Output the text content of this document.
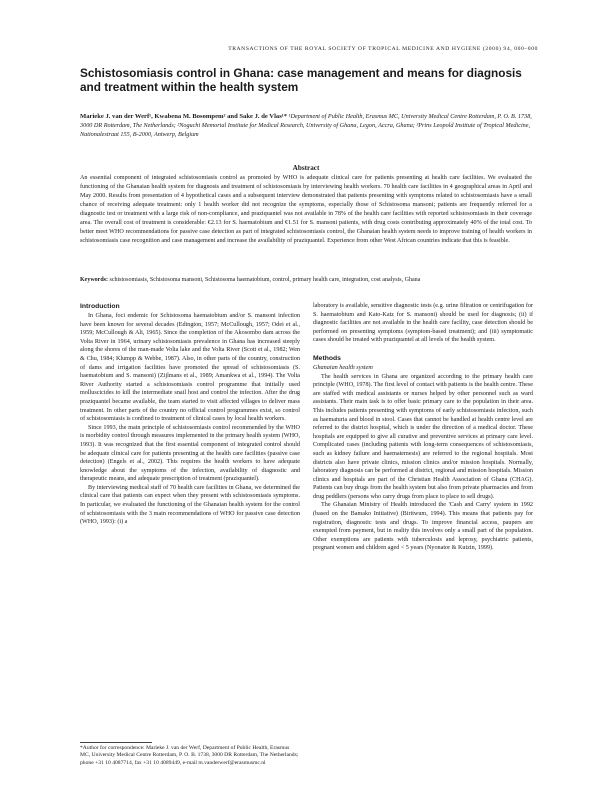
TRANSACTIONS OF THE ROYAL SOCIETY OF TROPICAL MEDICINE AND HYGIENE (2000) 94, 000–000
Schistosomiasis control in Ghana: case management and means for diagnosis and treatment within the health system

Marieke J. van der Werf¹, Kwabena M. Bosompem² and Sake J. de Vlas¹* ¹Department of Public Health, Erasmus MC, University Medical Centre Rotterdam, P. O. B. 1738, 3000 DR Rotterdam, The Netherlands; ²Noguchi Memorial Institute for Medical Research, University of Ghana, Legon, Accra, Ghana; ³Prins Leopold Institute of Tropical Medicine, Nationalestraat 155, B-2000, Antwerp, Belgium

Abstract

An essential component of integrated schistosomiasis control as promoted by WHO is adequate clinical care for patients presenting at health care facilities. We evaluated the functioning of the Ghanaian health system for diagnosis and treatment of schistosomiasis by interviewing health workers. 70 health care facilities in 4 geographical areas in April and May 2000. Results from presentation of 4 hypothetical cases and a subsequent interview demonstrated that patients presenting with symptoms related to schistosomiasis have a small chance of receiving adequate treatment: only 1 health worker did not recognize the symptoms, especially those of Schistosoma mansoni; patients are frequently referred for a diagnostic test or treatment with a large risk of non-compliance, and praziquantel was not available in 78% of the health care facilities with reported schistosomiasis in their coverage area. The overall cost of treatment is considerable: €2.13 for S. haematobium and €1.51 for S. mansoni patients, with drug costs contributing approximately 40% of the total cost. To better meet WHO recommendations for passive case detection as part of integrated schistosomiasis control, the Ghanaian health system needs to improve training of health workers in schistosomiasis case recognition and case management and increase the availability of praziquantel. Experience from other West African countries indicate that this is feasible.

Keywords: schistosomiasis, Schistosoma mansoni, Schistosoma haematobium, control, primary health care, integration, cost analysis, Ghana

Introduction

In Ghana, foci endemic for Schistosoma haematobium and/or S. mansoni infection have been known for several decades (Edington, 1957; McCullough, 1957; Odei et al., 1959; McCullough & Ali, 1965). Since the completion of the Akosombo dam across the Volta River in 1964, urinary schistosomiasis prevalence in Ghana has increased steeply along the shores of the man-made Volta lake and the Volta River (Scott et al., 1982; Wen & Chu, 1984; Klumpp & Webbe, 1987). Also, in other parts of the country, construction of dams and irrigation facilities have promoted the spread of schistosomiasis (S. haematobium and S. mansoni) (Zijlmans et al., 1989; Amankwa et al., 1994). The Volta River Authority started a schistosomiasis control programme that initially used molluscicides to kill the intermediate snail host and control the infection. After the drug praziquantel became available, the team started to visit affected villages to deliver mass treatment. In other parts of the country no official control programmes exist, so control of schistosomiasis is confined to treatment of clinical cases by local health workers.

Since 1993, the main principle of schistosomiasis control recommended by the WHO is morbidity control through measures implemented in the primary health system (WHO, 1993). It was recognized that the first essential component of integrated control should be adequate clinical care for patients presenting at the health care facilities (passive case detection) (Engels et al., 2002). This requires the health workers to have adequate knowledge about the symptoms of the infection, availability of diagnostic and therapeutic means, and adequate prescription of treatment (praziquantel).

By interviewing medical staff of 70 health care facilities in Ghana, we determined the clinical care that patients can expect when they present with schistosomiasis symptoms. In particular, we evaluated the functioning of the Ghanaian health system for the control of schistosomiasis with the 3 main recommendations of WHO for passive case detection (WHO, 1993): (i) a

laboratory is available, sensitive diagnostic tests (e.g. urine filtration or centrifugation for S. haematobium and Kato-Katz for S. mansoni) should be used for diagnosis; (ii) if diagnostic facilities are not available in the health care facility, case detection should be performed on presenting symptoms (symptom-based treatment); and (iii) symptomatic cases should be treated with praziquantel at all levels of the health system.

Methods
Ghanaian health system

The health services in Ghana are organized according to the primary health care principle (WHO, 1978). The first level of contact with patients is the health centre. These are staffed with medical assistants or nurses helped by other personnel such as ward assistants. Their main task is to offer basic primary care to the population in their area. This includes patients presenting with symptoms of early schistosomiasis infection, such as haematuria and blood in stool. Cases that cannot be handled at health centre level are referred to the district hospital, which is under the direction of a medical doctor. These hospitals are equipped to give all curative and preventive services at primary care level. Complicated cases (including patients with long-term consequences of schistosomiasis, such as kidney failure and haematemesis) are referred to the regional hospitals. Most districts also have private clinics, mission clinics and/or mission hospitals. Normally, laboratory diagnosis can be performed at district, regional and mission hospitals. Mission clinics and hospitals are part of the Christian Health Association of Ghana (CHAG). Patients can buy drugs from the health system but also from private pharmacies and from drug peddlers (persons who carry drugs from place to place to sell drugs).

The Ghanaian Ministry of Health introduced the 'Cash and Carry' system in 1992 (based on the Bamako Initiative) (Biritwum, 1994). This means that patients pay for registration, diagnostic tests and drugs. To improve financial access, paupers are exempted from payment, but in reality this involves only a small part of the population. Other exemptions are patients with tuberculosis and leprosy, psychiatric patients, pregnant women and children aged < 5 years (Nyonator & Kutzin, 1999).

*Author for correspondence: Marieke J. van der Werf, Department of Public Health, Erasmus MC, University Medical Centre Rotterdam, P. O. B. 1738, 3000 DR Rotterdam, The Netherlands; phone +31 10 4087714, fax +31 10 4089449, e-mail m.vanderwerf@erasmusmc.nl
